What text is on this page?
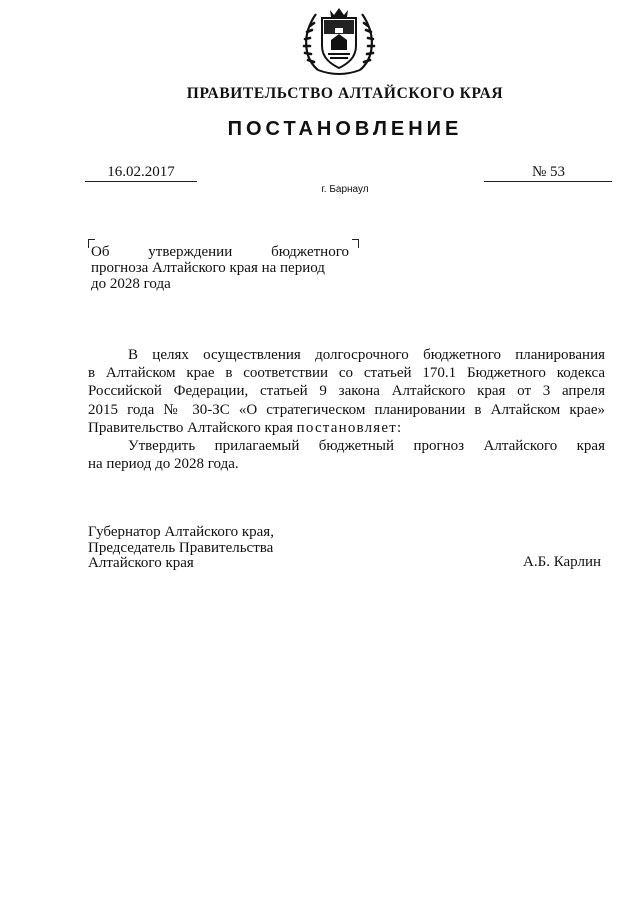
ПРАВИТЕЛЬСТВО АЛТАЙСКОГО КРАЯ
ПОСТАНОВЛЕНИЕ
16.02.2017	№ 53
г. Барнаул
Об	утверждении	бюджетного
прогноза Алтайского края на период
до 2028 года
В целях осуществления долгосрочного бюджетного планирования
в Алтайском крае в соответствии со статьей 170.1 Бюджетного кодекса
Российской Федерации, статьей 9 закона Алтайского края от 3 апреля
2015 года № 30-ЗС «О стратегическом планировании в Алтайском крае»
Правительство Алтайского края постановляет:
Утвердить прилагаемый бюджетный прогноз Алтайского края
на период до 2028 года.
Губернатор Алтайского края,
Председатель Правительства
Алтайского края	А.Б. Карлин
